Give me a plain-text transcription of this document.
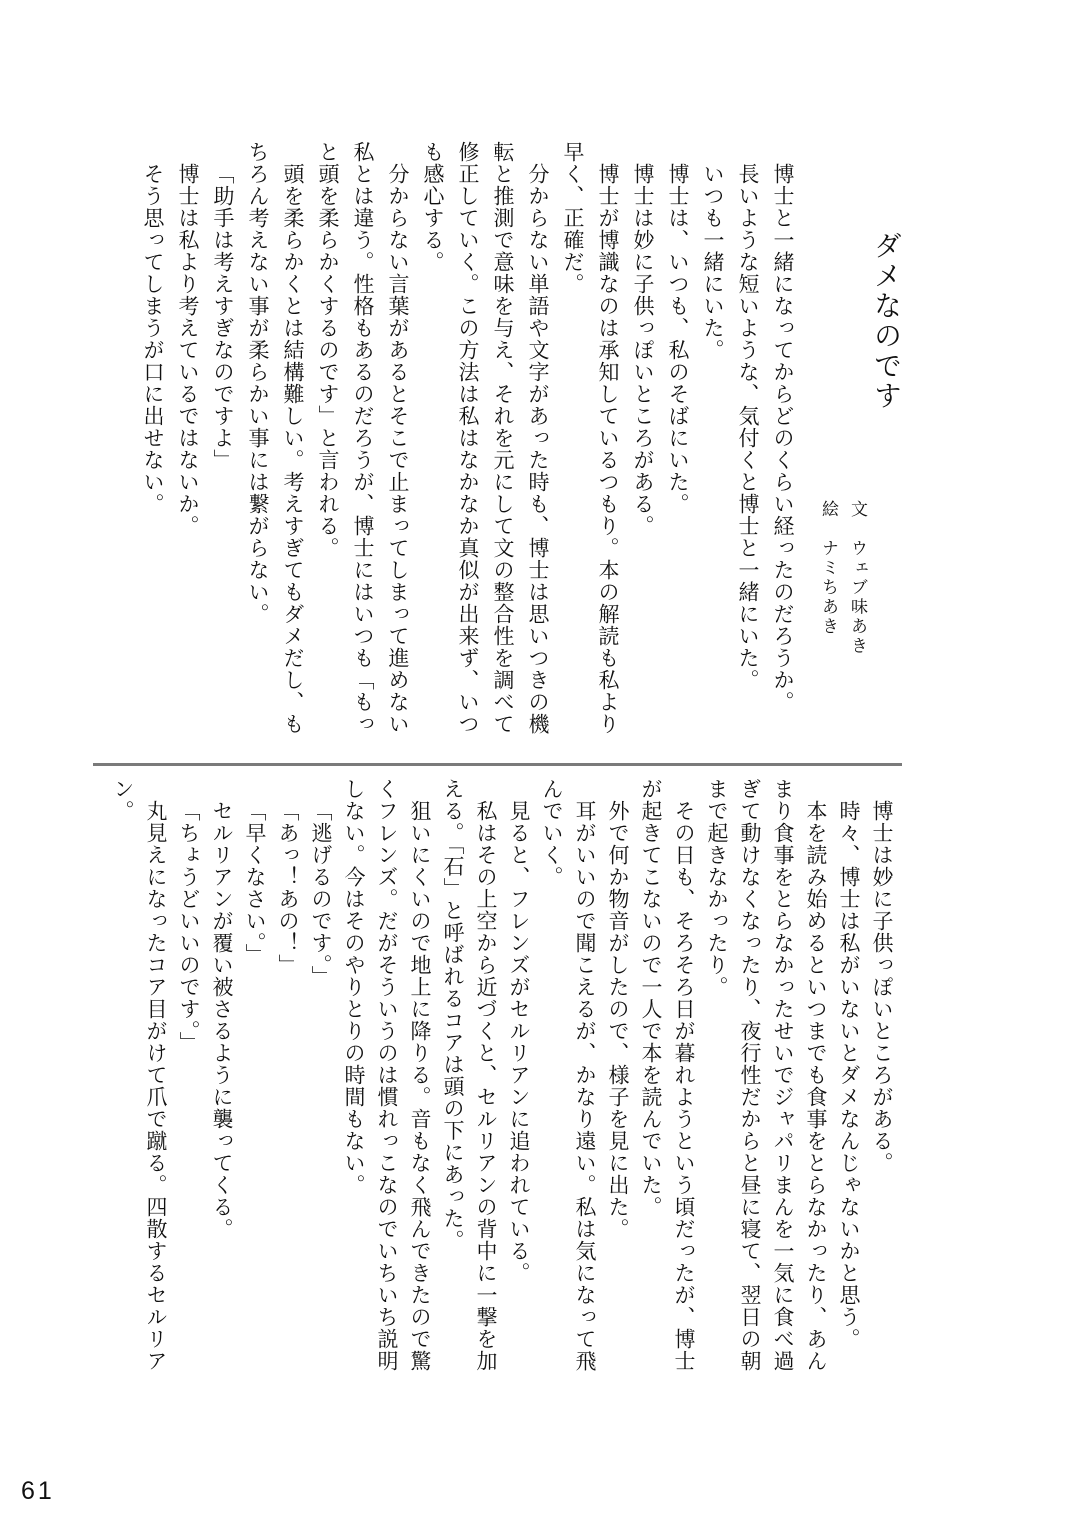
ダメなのです

文　ウェブ味あき

絵　ナミちあき

博士と一緒になってからどのくらい経ったのだろうか。

長いような短いような、気付くと博士と一緒にいた。

いつも一緒にいた。

博士は、いつも、私のそばにいた。

博士は妙に子供っぽいところがある。

博士が博識なのは承知しているつもり。本の解読も私より

早く、正確だ。

分からない単語や文字があった時も、博士は思いつきの機

転と推測で意味を与え、それを元にして文の整合性を調べて

修正していく。この方法は私はなかなか真似が出来ず、いつ

も感心する。

分からない言葉があるとそこで止まってしまって進めない

私とは違う。性格もあるのだろうが、博士にはいつも「もっ

と頭を柔らかくするのです」と言われる。

頭を柔らかくとは結構難しい。考えすぎてもダメだし、も

ちろん考えない事が柔らかい事には繋がらない。

「助手は考えすぎなのですよ」

博士は私より考えているではないか。

そう思ってしまうが口に出せない。

博士は妙に子供っぽいところがある。

時々、博士は私がいないとダメなんじゃないかと思う。

本を読み始めるといつまでも食事をとらなかったり、あん

まり食事をとらなかったせいでジャパリまんを一気に食べ過

ぎて動けなくなったり、夜行性だからと昼に寝て、翌日の朝

まで起きなかったり。

その日も、そろそろ日が暮れようという頃だったが、博士

が起きてこないので一人で本を読んでいた。

外で何か物音がしたので、様子を見に出た。

耳がいいので聞こえるが、かなり遠い。私は気になって飛

んでいく。

見ると、フレンズがセルリアンに追われている。

私はその上空から近づくと、セルリアンの背中に一撃を加

える。「石」と呼ばれるコアは頭の下にあった。

狙いにくいので地上に降りる。音もなく飛んできたので驚

くフレンズ。だがそういうのは慣れっこなのでいちいち説明

しない。今はそのやりとりの時間もない。

「逃げるのです。」

「あっ！あの！」

「早くなさい。」

セルリアンが覆い被さるように襲ってくる。

「ちょうどいいのです。」

丸見えになったコア目がけて爪で蹴る。四散するセルリア

ン。

61
